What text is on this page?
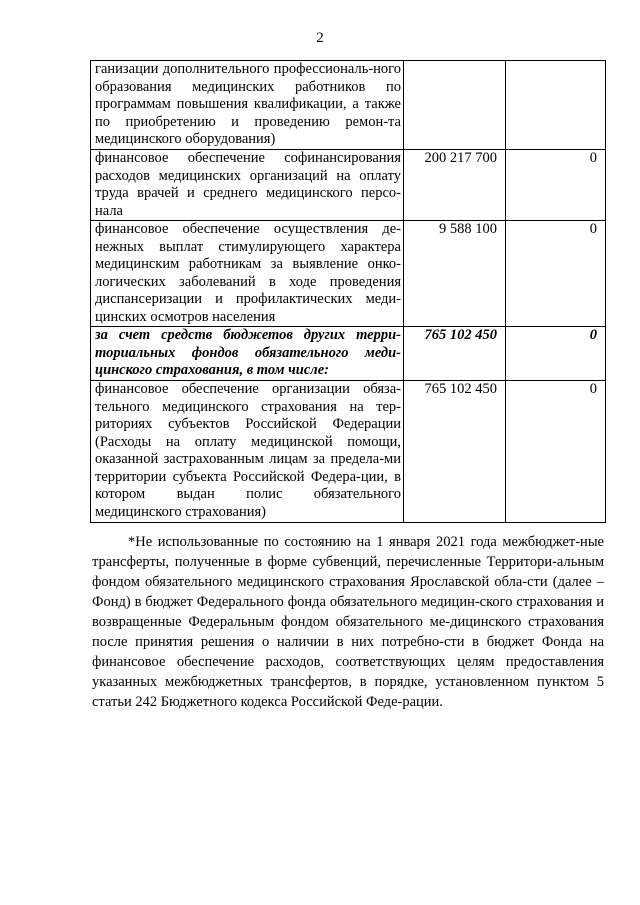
2
ганизации дополнительного профессиональ-ного образования медицинских работников по программам повышения квалификации, а также по приобретению и проведению ремон-та медицинского оборудования)		
финансовое обеспечение софинансирования расходов медицинских организаций на оплату труда врачей и среднего медицинского персо-нала	200 217 700	0
финансовое обеспечение осуществления де-нежных выплат стимулирующего характера медицинским работникам за выявление онко-логических заболеваний в ходе проведения диспансеризации и профилактических меди-цинских осмотров населения	9 588 100	0
за счет средств бюджетов других терри-ториальных фондов обязательного меди-цинского страхования, в том числе:	765 102 450	0
финансовое обеспечение организации обяза-тельного медицинского страхования на тер-риториях субъектов Российской Федерации (Расходы на оплату медицинской помощи, оказанной застрахованным лицам за предела-ми территории субъекта Российской Федера-ции, в котором выдан полис обязательного медицинского страхования)	765 102 450	0

*Не использованные по состоянию на 1 января 2021 года межбюджет-ные трансферты, полученные в форме субвенций, перечисленные Территори-альным фондом обязательного медицинского страхования Ярославской обла-сти (далее – Фонд) в бюджет Федерального фонда обязательного медицин-ского страхования и возвращенные Федеральным фондом обязательного ме-дицинского страхования после принятия решения о наличии в них потребно-сти в бюджет Фонда на финансовое обеспечение расходов, соответствующих целям предоставления указанных межбюджетных трансфертов, в порядке, установленном пунктом 5 статьи 242 Бюджетного кодекса Российской Феде-рации.
